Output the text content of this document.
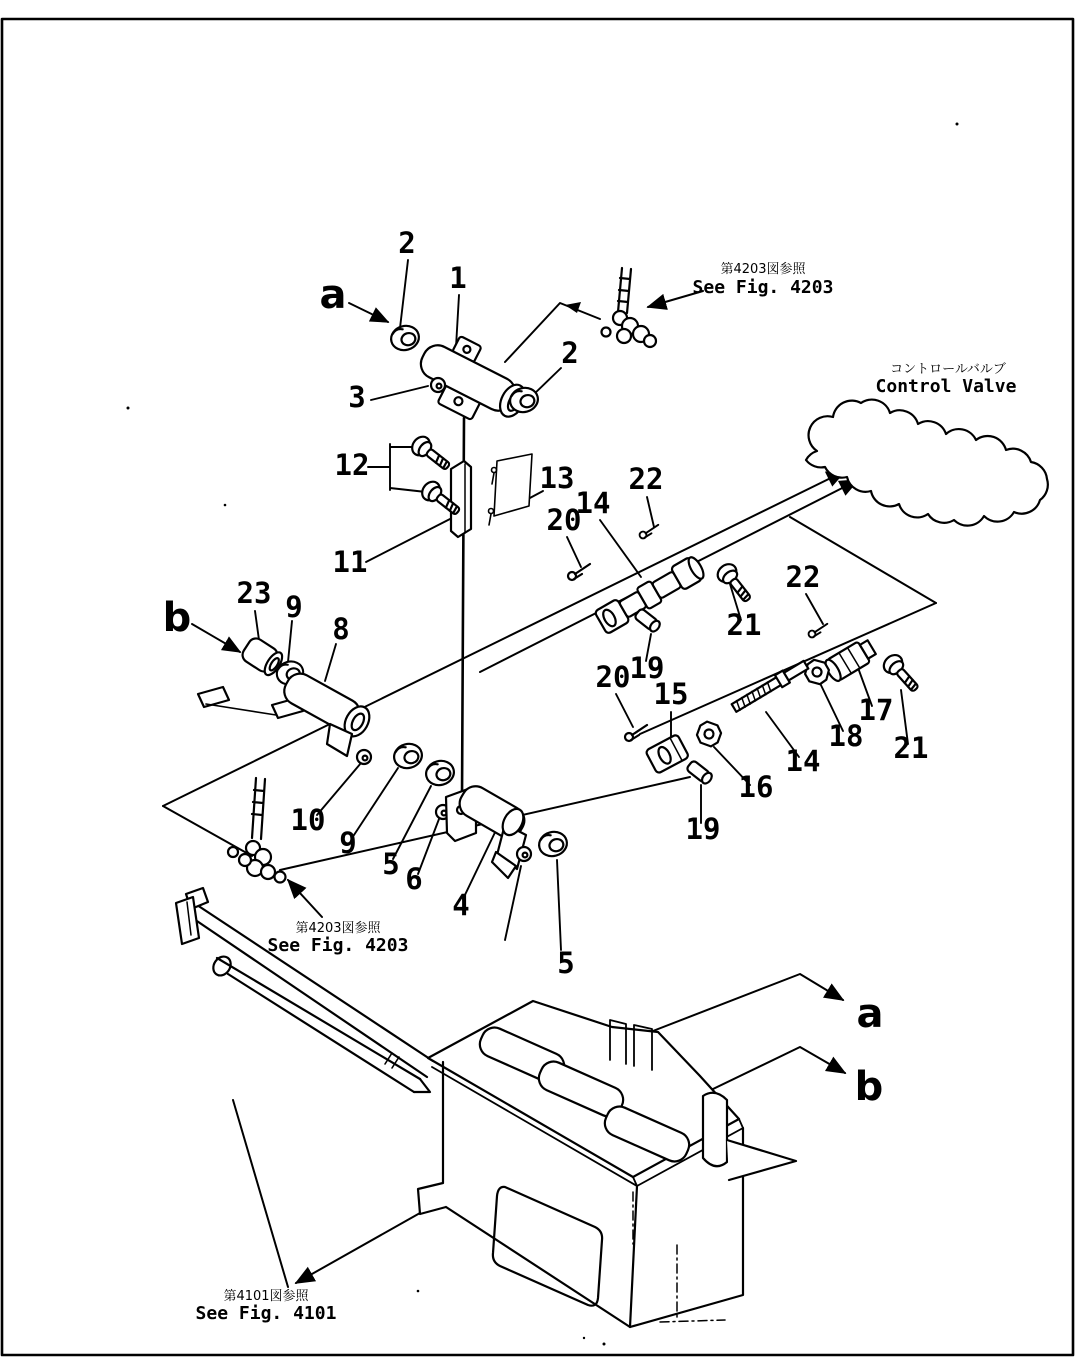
a
b
a
b
2
1
2
3
12	13
11
22
14
20
22
21
19
20 15	17
18
14
16
21
23 9
8
10
9
5 6
4
19
5
第4203図参照
See Fig. 4203
コントロールバルブ
Control Valve
第4203図参照
See Fig. 4203
第4101図参照
See Fig. 4101
